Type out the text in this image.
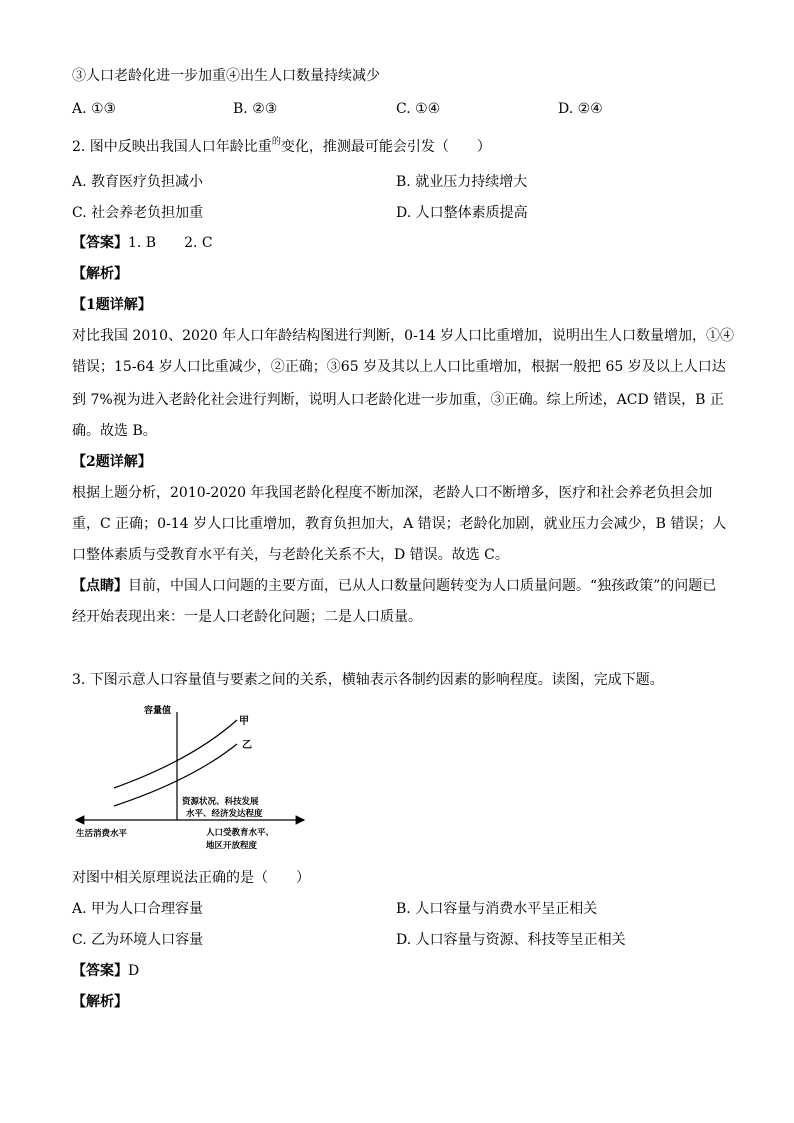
③人口老龄化进一步加重④出生人口数量持续减少
A. ①③	B. ②③	C. ①④	D. ②④
2. 图中反映出我国人口年龄比重$^的$变化，推测最可能会引发（　　）
A. 教育医疗负担减小	B. 就业压力持续增大
C. 社会养老负担加重	D. 人口整体素质提高
【答案】1. B　　2. C
【解析】
【1题详解】
对比我国 2010、2020 年人口年龄结构图进行判断，0-14 岁人口比重增加，说明出生人口数量增加，①④
错误；15-64 岁人口比重减少，②正确；③65 岁及其以上人口比重增加，根据一般把 65 岁及以上人口达
到 7%视为进入老龄化社会进行判断，说明人口老龄化进一步加重，③正确。综上所述，ACD 错误，B 正
确。故选 B。
【2题详解】
根据上题分析，2010-2020 年我国老龄化程度不断加深，老龄人口不断增多，医疗和社会养老负担会加
重，C 正确；0-14 岁人口比重增加，教育负担加大，A 错误；老龄化加剧，就业压力会减少，B 错误；人
口整体素质与受教育水平有关，与老龄化关系不大，D 错误。故选 C。
【点睛】目前，中国人口问题的主要方面，已从人口数量问题转变为人口质量问题。“独孩政策”的问题已
经开始表现出来：一是人口老龄化问题；二是人口质量。
3. 下图示意人口容量值与要素之间的关系，横轴表示各制约因素的影响程度。读图，完成下题。
容量值
甲
乙
资源状况、科技发展
水平、经济发达程度
生活消费水平	人口受教育水平、
地区开放程度
对图中相关原理说法正确的是（　　）
A. 甲为人口合理容量	B. 人口容量与消费水平呈正相关
C. 乙为环境人口容量	D. 人口容量与资源、科技等呈正相关
【答案】D
【解析】
